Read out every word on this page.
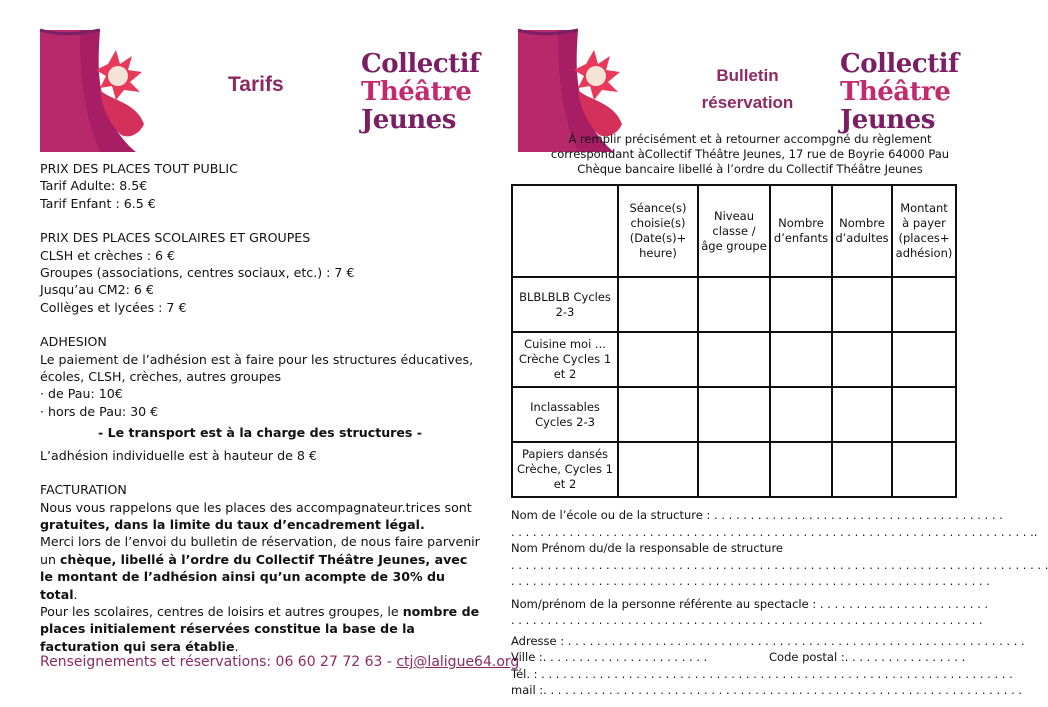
Tarifs
Collectif
Théâtre
Jeunes

PRIX DES PLACES TOUT PUBLIC

Tarif Adulte: 8.5€

Tarif Enfant : 6.5 €

PRIX DES PLACES SCOLAIRES ET GROUPES

CLSH et crèches : 6 €

Groupes (associations, centres sociaux, etc.) : 7 €

Jusqu’au CM2: 6 €

Collèges et lycées : 7 €

ADHESION

Le paiement de l’adhésion est à faire pour les structures éducatives, écoles, CLSH, crèches, autres groupes

· de Pau: 10€

· hors de Pau: 30 €

- Le transport est à la charge des structures -

L’adhésion individuelle est à hauteur de 8 €

FACTURATION

Nous vous rappelons que les places des accompagnateur.trices sont gratuites, dans la limite du taux d’encadrement légal.

Merci lors de l’envoi du bulletin de réservation, de nous faire parvenir un chèque, libellé à l’ordre du Collectif Théâtre Jeunes, avec le montant de l’adhésion ainsi qu’un acompte de 30% du total.

Pour les scolaires, centres de loisirs et autres groupes, le nombre de places initialement réservées constitue la base de la facturation qui sera établie.

Renseignements et réservations: 06 60 27 72 63 - ctj@laligue64.org
Bulletin
réservation
Collectif
Théâtre
Jeunes
À remplir précisément et à retourner accompgné du règlement
correspondant àCollectif Théâtre Jeunes, 17 rue de Boyrie 64000 Pau
Chèque bancaire libellé à l’ordre du Collectif Théâtre Jeunes
	Séance(s) choisie(s) (Date(s)+ heure)	Niveau classe / âge groupe	Nombre d’enfants	Nombre d’adultes	Montant à payer (places+ adhésion)
BLBLBLB Cycles 2-3					
Cuisine moi ... Crèche Cycles 1 et 2					
Inclassables Cycles 2-3					
Papiers dansés Crèche, Cycles 1 et 2					
Nom de l’école ou de la structure : . . . . . . . . . . . . . . . . . . . . . . . . . . . . . . . . . . . . . . . .
. . . . . . . . . . . . . . . . . . . . . . . . . . . . . . . . . . . . . . . . . . . . . . . . . . . . . . . . . . . . . . . . . . . . . . . ..
Nom Prénom du/de la responsable de structure
. . . . . . . . . . . . . . . . . . . . . . . . . . . . . . . . . . . . . . . . . . . . . . . . . . . . . . . . . . . . . . . . . . . . . . . . . .
. . . . . . . . . . . . . . . . . . . . . . . . . . . . . . . . . . . . . . . . . . . . . . . . . . . . . . . . . . . . . . . . . .
Nom/prénom de la personne référente au spectacle : . . . . . . . . .. . . . . . . . . . . . . . .
. . . . . . . . . . . . . . . . . . . . . . . . . . . . . . . . . . . . . . . . . . . . . . . . . . . . . . . . . . . . . . . . .
Adresse : . . . . . . . . . . . . . . . . . . . . . . . . . . . . . . . . . . . . . . . . . . . . . . . . . . . . . . . . . . . . . . .
Ville :. . . . . . . . . . . . . . . . . . . . . . .	Code postal :. . . . . . . . . . . . . . . . .
Tél. : . . . . . . . . . . . . . . . . . . . . . . . . . . . . . . . . . . . . . . . . . . . . . . . . . . . . . . . . . . . . . . . . .
mail :. . . . . . . . . . . . . . . . . . . . . . . . . . . . . . . . . . . . . . . . . . . . . . . . . . . . . . . . . . . . . . . . . .
